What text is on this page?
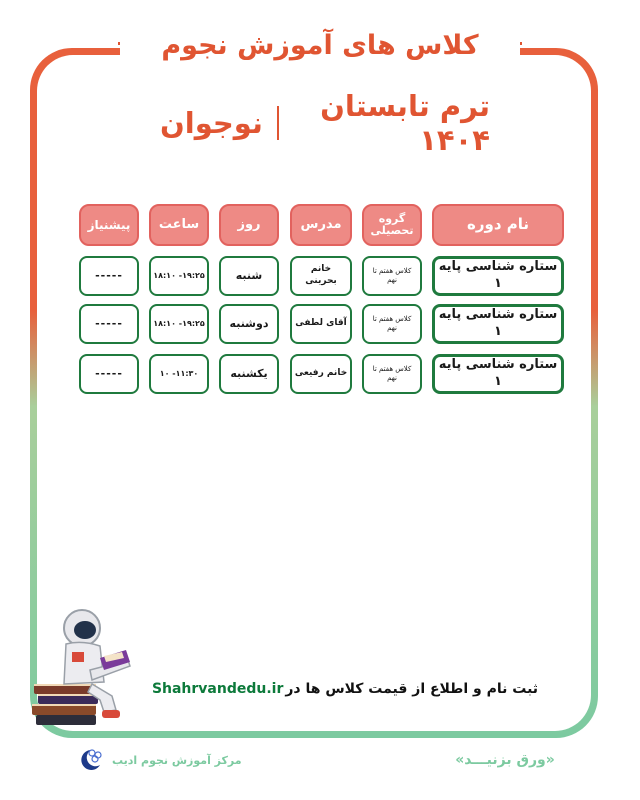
کلاس های آموزش نجوم
ترم تابستان ۱۴۰۴
نوجوان
نام دوره
گروه تحصیلی
مدرس
روز
ساعت
پیشنیاز
ستاره شناسی پایه ۱
کلاس هفتم تا نهم
خانم بحرینی
شنبه
۱۹:۲۵- ۱۸:۱۰
-----
ستاره شناسی پایه ۱
کلاس هفتم تا نهم
آقای لطفی
دوشنبه
۱۹:۲۵- ۱۸:۱۰
-----
ستاره شناسی پایه ۱
کلاس هفتم تا نهم
خانم رفیعی
یکشنبه
۱۱:۳۰- ۱۰
-----
ثبت نام و اطلاع از قیمت کلاس ها در
Shahrvandedu.ir
مرکز آموزش نجوم ادیب	«ورق بزنیـــد»
